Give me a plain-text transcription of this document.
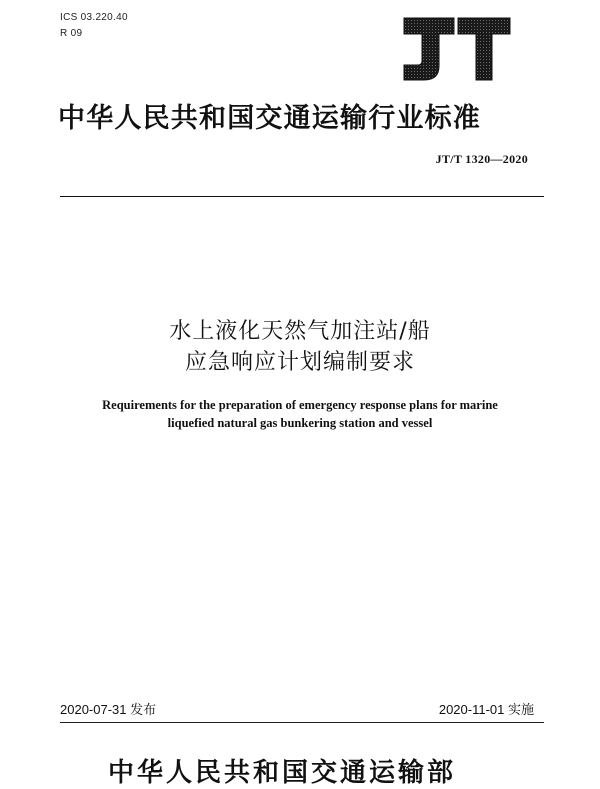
ICS 03.220.40
R 09
JT
中华人民共和国交通运输行业标准
JT/T 1320—2020
水上液化天然气加注站/船
应急响应计划编制要求
Requirements for the preparation of emergency response plans for marine
liquefied natural gas bunkering station and vessel
2020-07-31 发布	2020-11-01 实施
中华人民共和国交通运输部
